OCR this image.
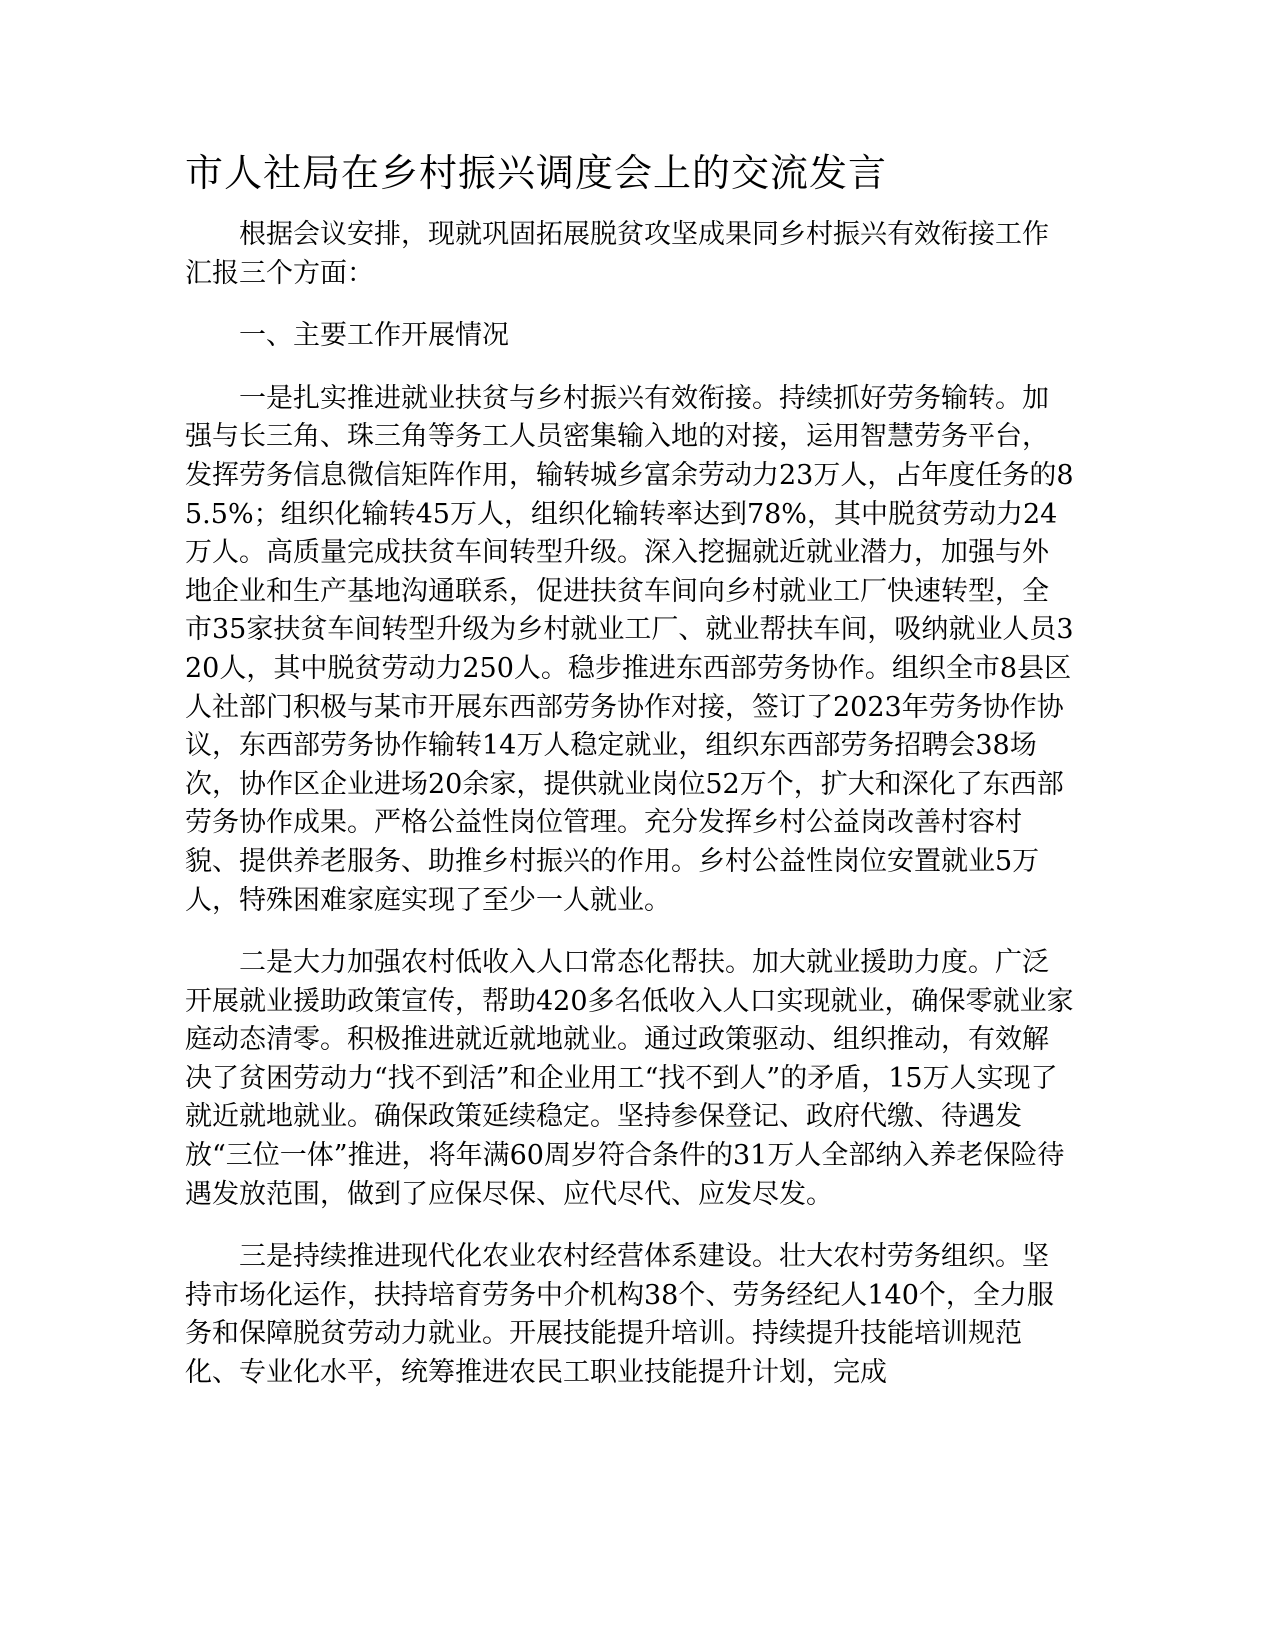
市人社局在乡村振兴调度会上的交流发言

根据会议安排，现就巩固拓展脱贫攻坚成果同乡村振兴有效衔接工作汇报三个方面：

一、主要工作开展情况

一是扎实推进就业扶贫与乡村振兴有效衔接。持续抓好劳务输转。加强与长三角、珠三角等务工人员密集输入地的对接，运用智慧劳务平台，发挥劳务信息微信矩阵作用，输转城乡富余劳动力23万人，占年度任务的85.5%；组织化输转45万人，组织化输转率达到78%，其中脱贫劳动力24万人。高质量完成扶贫车间转型升级。深入挖掘就近就业潜力，加强与外地企业和生产基地沟通联系，促进扶贫车间向乡村就业工厂快速转型，全市35家扶贫车间转型升级为乡村就业工厂、就业帮扶车间，吸纳就业人员320人，其中脱贫劳动力250人。稳步推进东西部劳务协作。组织全市8县区人社部门积极与某市开展东西部劳务协作对接，签订了2023年劳务协作协议，东西部劳务协作输转14万人稳定就业，组织东西部劳务招聘会38场次，协作区企业进场20余家，提供就业岗位52万个，扩大和深化了东西部劳务协作成果。严格公益性岗位管理。充分发挥乡村公益岗改善村容村貌、提供养老服务、助推乡村振兴的作用。乡村公益性岗位安置就业5万人，特殊困难家庭实现了至少一人就业。

二是大力加强农村低收入人口常态化帮扶。加大就业援助力度。广泛开展就业援助政策宣传，帮助420多名低收入人口实现就业，确保零就业家庭动态清零。积极推进就近就地就业。通过政策驱动、组织推动，有效解决了贫困劳动力“找不到活”和企业用工“找不到人”的矛盾，15万人实现了就近就地就业。确保政策延续稳定。坚持参保登记、政府代缴、待遇发放“三位一体”推进，将年满60周岁符合条件的31万人全部纳入养老保险待遇发放范围，做到了应保尽保、应代尽代、应发尽发。

三是持续推进现代化农业农村经营体系建设。壮大农村劳务组织。坚持市场化运作，扶持培育劳务中介机构38个、劳务经纪人140个，全力服务和保障脱贫劳动力就业。开展技能提升培训。持续提升技能培训规范化、专业化水平，统筹推进农民工职业技能提升计划，完成
